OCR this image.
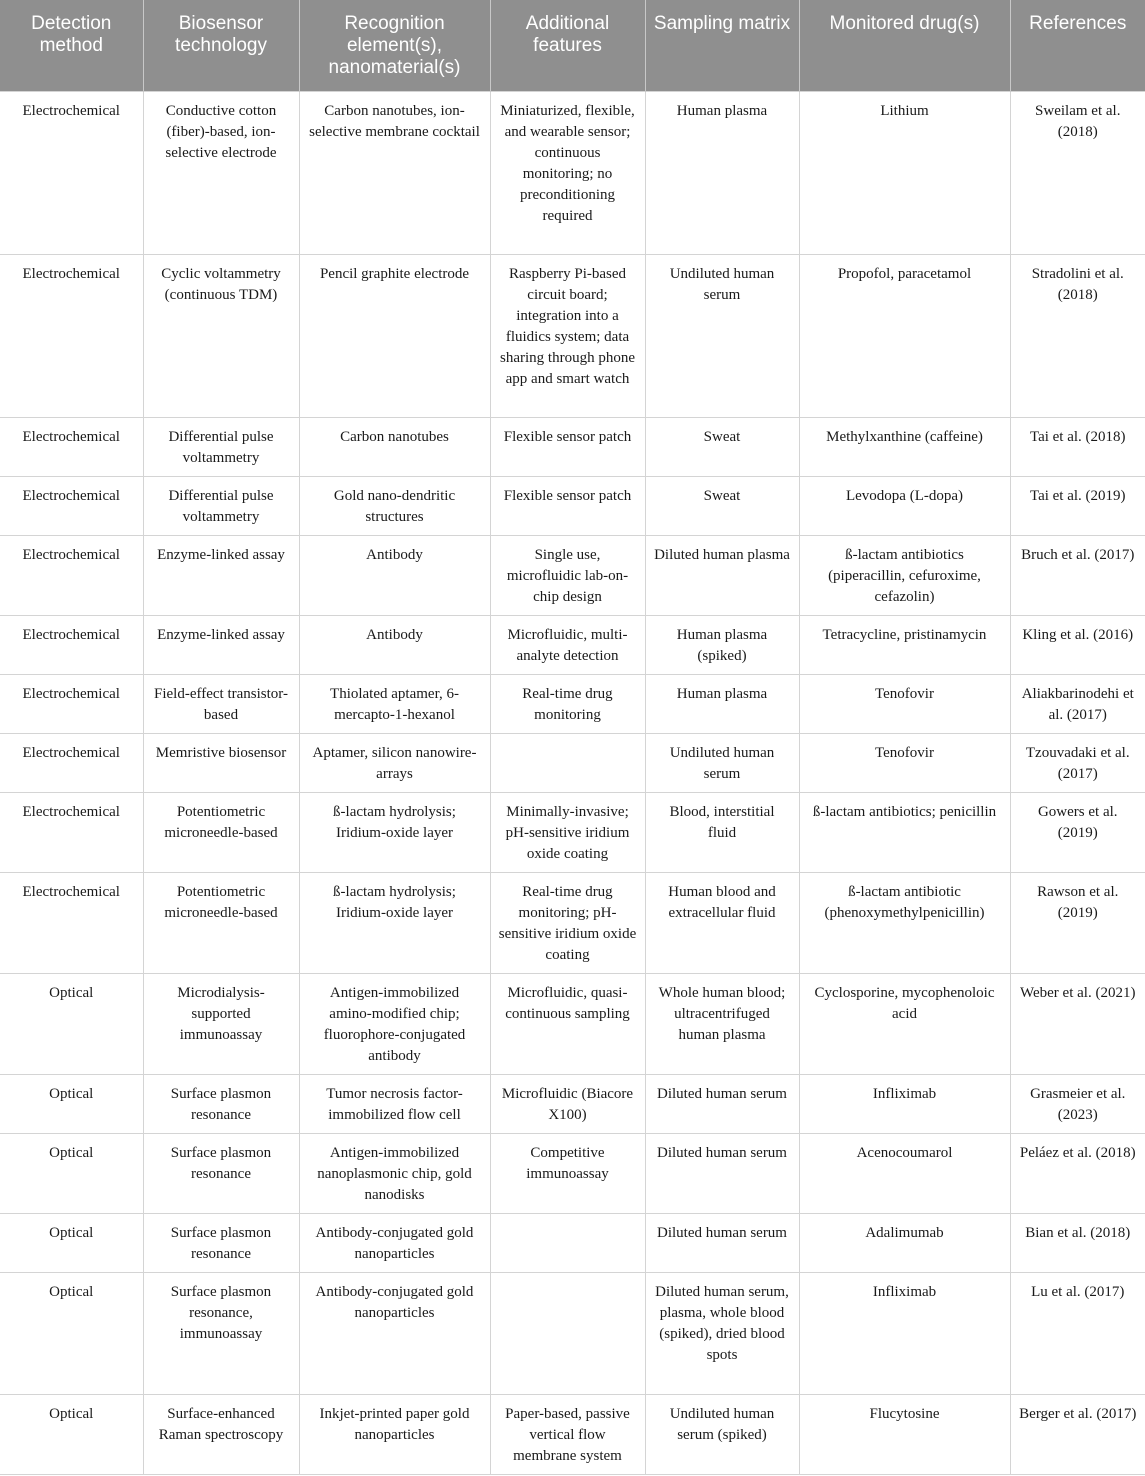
Detection method	Biosensor technology	Recognition element(s), nanomaterial(s)	Additional features	Sampling matrix	Monitored drug(s)	References
Electrochemical	Conductive cotton (fiber)-based, ion-selective electrode	Carbon nanotubes, ion-selective membrane cocktail	Miniaturized, flexible, and wearable sensor; continuous monitoring; no preconditioning required	Human plasma	Lithium	Sweilam et al. (2018)
Electrochemical	Cyclic voltammetry (continuous TDM)	Pencil graphite electrode	Raspberry Pi-based circuit board; integration into a fluidics system; data sharing through phone app and smart watch	Undiluted human serum	Propofol, paracetamol	Stradolini et al. (2018)
Electrochemical	Differential pulse voltammetry	Carbon nanotubes	Flexible sensor patch	Sweat	Methylxanthine (caffeine)	Tai et al. (2018)
Electrochemical	Differential pulse voltammetry	Gold nano-dendritic structures	Flexible sensor patch	Sweat	Levodopa (L-dopa)	Tai et al. (2019)
Electrochemical	Enzyme-linked assay	Antibody	Single use, microfluidic lab-on-chip design	Diluted human plasma	ß-lactam antibiotics (piperacillin, cefuroxime, cefazolin)	Bruch et al. (2017)
Electrochemical	Enzyme-linked assay	Antibody	Microfluidic, multi-analyte detection	Human plasma (spiked)	Tetracycline, pristinamycin	Kling et al. (2016)
Electrochemical	Field-effect transistor-based	Thiolated aptamer, 6-mercapto-1-hexanol	Real-time drug monitoring	Human plasma	Tenofovir	Aliakbarinodehi et al. (2017)
Electrochemical	Memristive biosensor	Aptamer, silicon nanowire-arrays		Undiluted human serum	Tenofovir	Tzouvadaki et al. (2017)
Electrochemical	Potentiometric microneedle-based	ß-lactam hydrolysis; Iridium-oxide layer	Minimally-invasive; pH-sensitive iridium oxide coating	Blood, interstitial fluid	ß-lactam antibiotics; penicillin	Gowers et al. (2019)
Electrochemical	Potentiometric microneedle-based	ß-lactam hydrolysis; Iridium-oxide layer	Real-time drug monitoring; pH-sensitive iridium oxide coating	Human blood and extracellular fluid	ß-lactam antibiotic (phenoxymethylpenicillin)	Rawson et al. (2019)
Optical	Microdialysis-supported immunoassay	Antigen-immobilized amino-modified chip; fluorophore-conjugated antibody	Microfluidic, quasi-continuous sampling	Whole human blood; ultracentrifuged human plasma	Cyclosporine, mycophenoloic acid	Weber et al. (2021)
Optical	Surface plasmon resonance	Tumor necrosis factor-immobilized flow cell	Microfluidic (Biacore X100)	Diluted human serum	Infliximab	Grasmeier et al. (2023)
Optical	Surface plasmon resonance	Antigen-immobilized nanoplasmonic chip, gold nanodisks	Competitive immunoassay	Diluted human serum	Acenocoumarol	Peláez et al. (2018)
Optical	Surface plasmon resonance	Antibody-conjugated gold nanoparticles		Diluted human serum	Adalimumab	Bian et al. (2018)
Optical	Surface plasmon resonance, immunoassay	Antibody-conjugated gold nanoparticles		Diluted human serum, plasma, whole blood (spiked), dried blood spots	Infliximab	Lu et al. (2017)
Optical	Surface-enhanced Raman spectroscopy	Inkjet-printed paper gold nanoparticles	Paper-based, passive vertical flow membrane system	Undiluted human serum (spiked)	Flucytosine	Berger et al. (2017)
